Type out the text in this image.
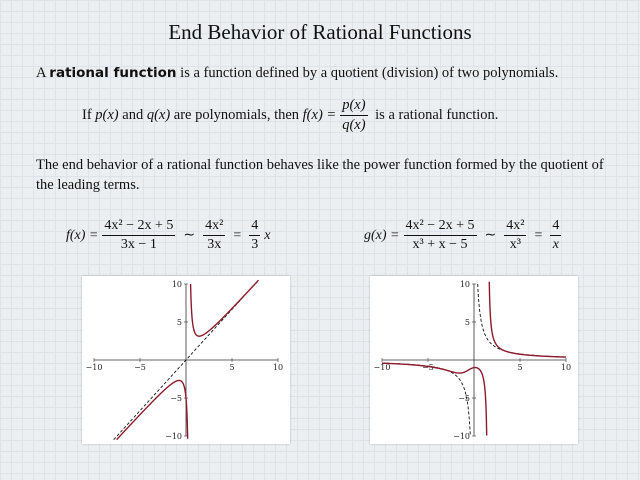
End Behavior of Rational Functions
A rational function is a function defined by a quotient (division) of two polynomials.
If p(x) and q(x) are polynomials, then $f(x) = \frac{p(x)}{q(x)}$ is a rational function.
The end behavior of a rational function behaves like the power function formed by the quotient of the leading terms.
$f(x) = \frac{\text{4x² − 2x + 5}}{3x - 1}$ ∼ $\frac{\text{4x²}}{3x} = \frac{4}{3}$ x	$g(x) = \frac{\text{4x² − 2x + 5}}{\text{x³ + x − 5}}$ ∼ $\frac{\text{4x²}}{\text{x³}} = \frac{4}{x}$
−10	−5	5	10
10
5
−5
−10
−10	−5	5	10
10
5
−5
−10
